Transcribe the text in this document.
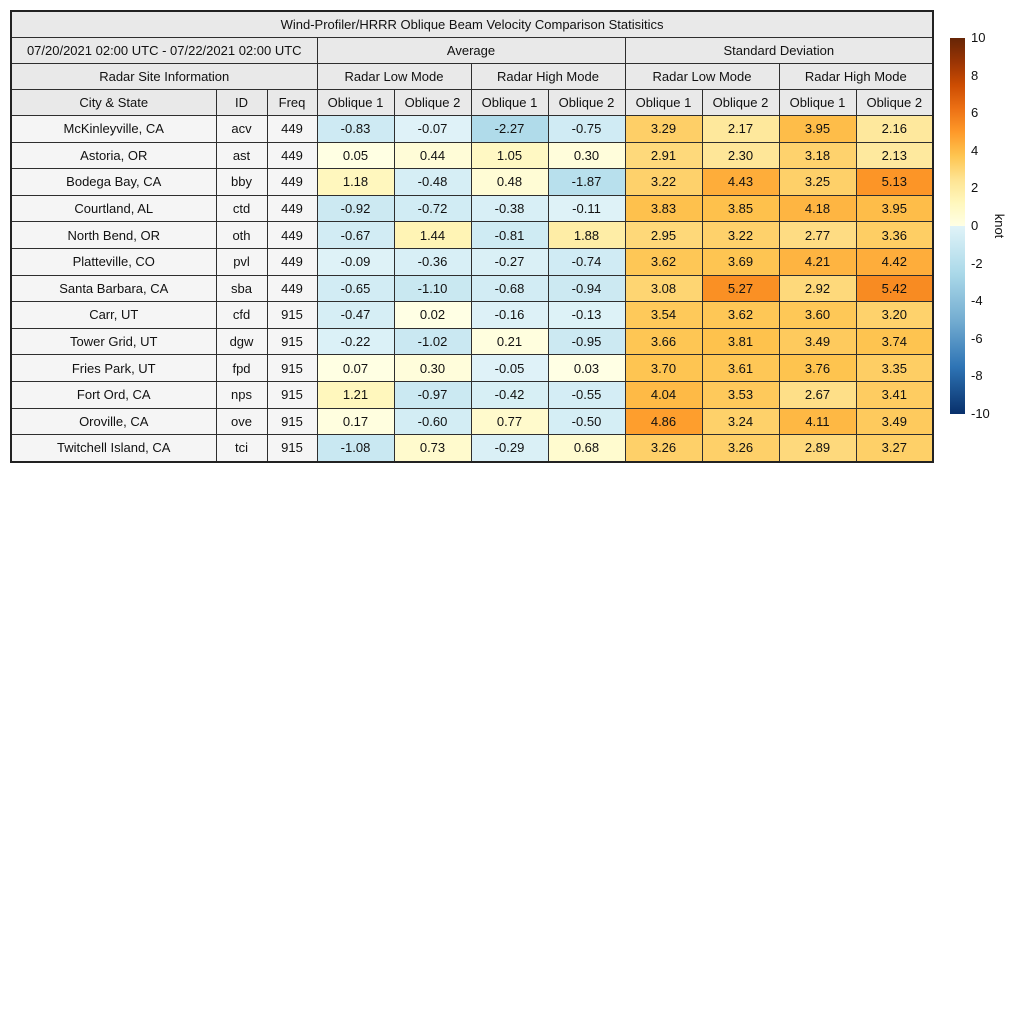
Wind-Profiler/HRRR Oblique Beam Velocity Comparison Statisitics										
07/20/2021 02:00 UTC - 07/22/2021 02:00 UTC			Average				Standard Deviation			
Radar Site Information			Radar Low Mode		Radar High Mode		Radar Low Mode		Radar High Mode	
City & State	ID	Freq	Oblique 1	Oblique 2	Oblique 1	Oblique 2	Oblique 1	Oblique 2	Oblique 1	Oblique 2
McKinleyville, CA	acv	449	-0.83	-0.07	-2.27	-0.75	3.29	2.17	3.95	2.16
Astoria, OR	ast	449	0.05	0.44	1.05	0.30	2.91	2.30	3.18	2.13
Bodega Bay, CA	bby	449	1.18	-0.48	0.48	-1.87	3.22	4.43	3.25	5.13
Courtland, AL	ctd	449	-0.92	-0.72	-0.38	-0.11	3.83	3.85	4.18	3.95
North Bend, OR	oth	449	-0.67	1.44	-0.81	1.88	2.95	3.22	2.77	3.36
Platteville, CO	pvl	449	-0.09	-0.36	-0.27	-0.74	3.62	3.69	4.21	4.42
Santa Barbara, CA	sba	449	-0.65	-1.10	-0.68	-0.94	3.08	5.27	2.92	5.42
Carr, UT	cfd	915	-0.47	0.02	-0.16	-0.13	3.54	3.62	3.60	3.20
Tower Grid, UT	dgw	915	-0.22	-1.02	0.21	-0.95	3.66	3.81	3.49	3.74
Fries Park, UT	fpd	915	0.07	0.30	-0.05	0.03	3.70	3.61	3.76	3.35
Fort Ord, CA	nps	915	1.21	-0.97	-0.42	-0.55	4.04	3.53	2.67	3.41
Oroville, CA	ove	915	0.17	-0.60	0.77	-0.50	4.86	3.24	4.11	3.49
Twitchell Island, CA	tci	915	-1.08	0.73	-0.29	0.68	3.26	3.26	2.89	3.27
10
8
6
4
2
0
-2
-4
-6
-8
-10
knot
